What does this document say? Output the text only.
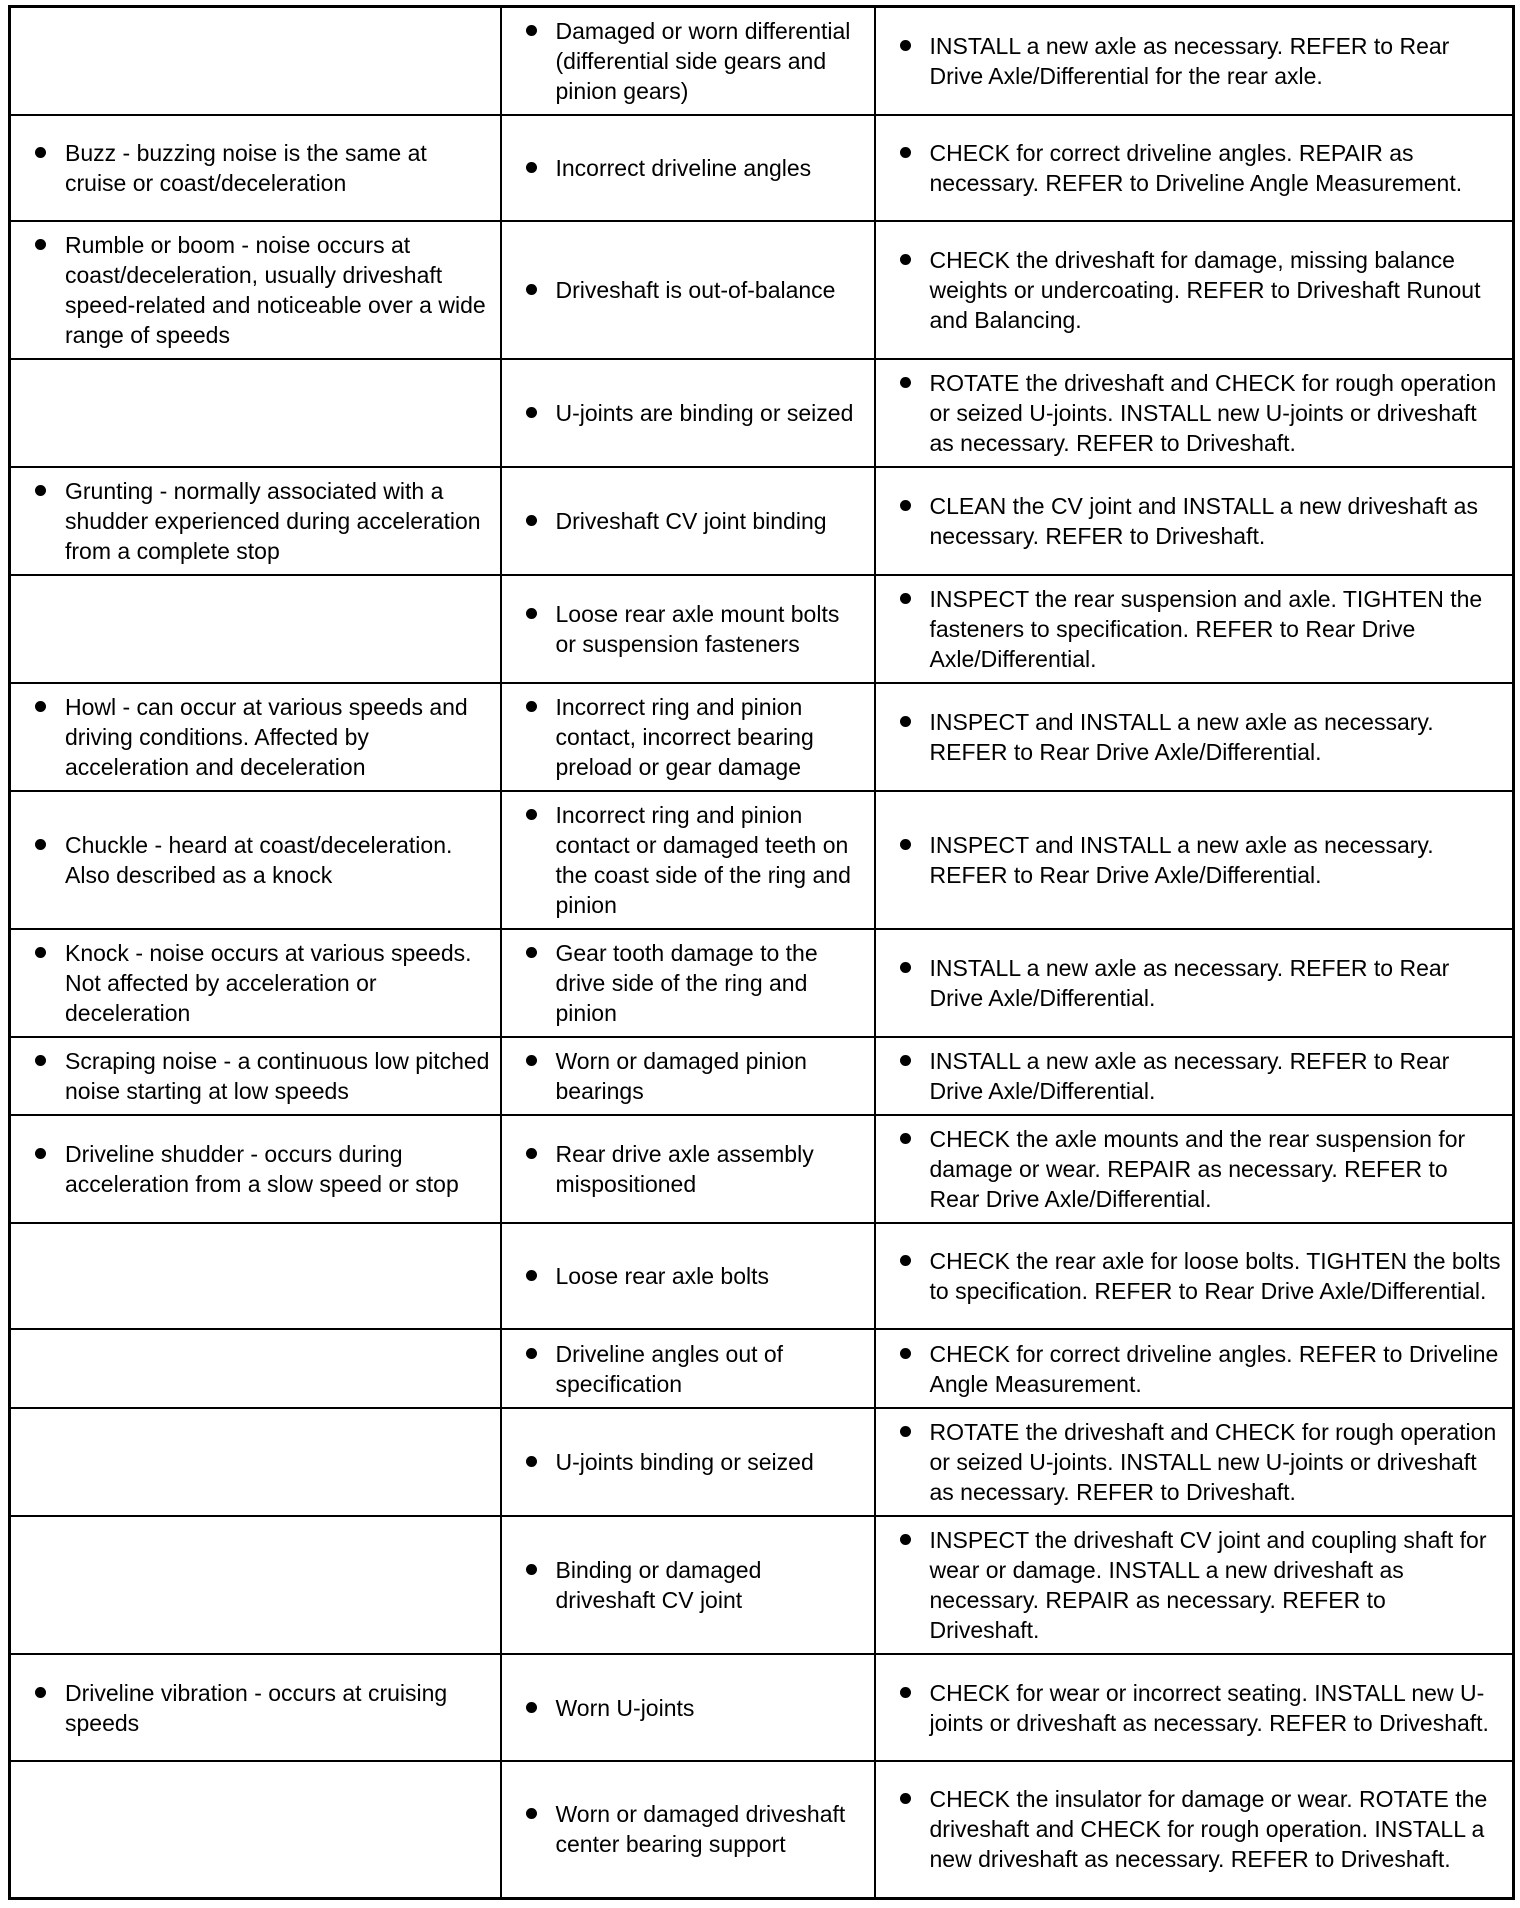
	Damaged or worn differential (differential side gears and pinion gears)	INSTALL a new axle as necessary. REFER to Rear Drive Axle/Differential for the rear axle.

Buzz - buzzing noise is the same at cruise or coast/deceleration	Incorrect driveline angles	CHECK for correct driveline angles. REPAIR as necessary. REFER to Driveline Angle Measurement.

Rumble or boom - noise occurs at coast/deceleration, usually driveshaft speed-related and noticeable over a wide range of speeds	Driveshaft is out-of-balance	CHECK the driveshaft for damage, missing balance weights or undercoating. REFER to Driveshaft Runout and Balancing.

	U-joints are binding or seized	ROTATE the driveshaft and CHECK for rough operation or seized U-joints. INSTALL new U-joints or driveshaft as necessary. REFER to Driveshaft.

Grunting - normally associated with a shudder experienced during acceleration from a complete stop	Driveshaft CV joint binding	CLEAN the CV joint and INSTALL a new driveshaft as necessary. REFER to Driveshaft.

	Loose rear axle mount bolts or suspension fasteners	INSPECT the rear suspension and axle. TIGHTEN the fasteners to specification. REFER to Rear Drive Axle/Differential.

Howl - can occur at various speeds and driving conditions. Affected by acceleration and deceleration	Incorrect ring and pinion contact, incorrect bearing preload or gear damage	INSPECT and INSTALL a new axle as necessary. REFER to Rear Drive Axle/Differential.

Chuckle - heard at coast/deceleration. Also described as a knock	Incorrect ring and pinion contact or damaged teeth on the coast side of the ring and pinion	INSPECT and INSTALL a new axle as necessary. REFER to Rear Drive Axle/Differential.

Knock - noise occurs at various speeds. Not affected by acceleration or deceleration	Gear tooth damage to the drive side of the ring and pinion	INSTALL a new axle as necessary. REFER to Rear Drive Axle/Differential.

Scraping noise - a continuous low pitched noise starting at low speeds	Worn or damaged pinion bearings	INSTALL a new axle as necessary. REFER to Rear Drive Axle/Differential.

Driveline shudder - occurs during acceleration from a slow speed or stop	Rear drive axle assembly mispositioned	CHECK the axle mounts and the rear suspension for damage or wear. REPAIR as necessary. REFER to Rear Drive Axle/Differential.

	Loose rear axle bolts	CHECK the rear axle for loose bolts. TIGHTEN the bolts to specification. REFER to Rear Drive Axle/Differential.

	Driveline angles out of specification	CHECK for correct driveline angles. REFER to Driveline Angle Measurement.

	U-joints binding or seized	ROTATE the driveshaft and CHECK for rough operation or seized U-joints. INSTALL new U-joints or driveshaft as necessary. REFER to Driveshaft.

	Binding or damaged driveshaft CV joint	INSPECT the driveshaft CV joint and coupling shaft for wear or damage. INSTALL a new driveshaft as necessary. REPAIR as necessary. REFER to Driveshaft.

Driveline vibration - occurs at cruising speeds	Worn U-joints	CHECK for wear or incorrect seating. INSTALL new U-joints or driveshaft as necessary. REFER to Driveshaft.

	Worn or damaged driveshaft center bearing support	CHECK the insulator for damage or wear. ROTATE the driveshaft and CHECK for rough operation. INSTALL a new driveshaft as necessary. REFER to Driveshaft.
